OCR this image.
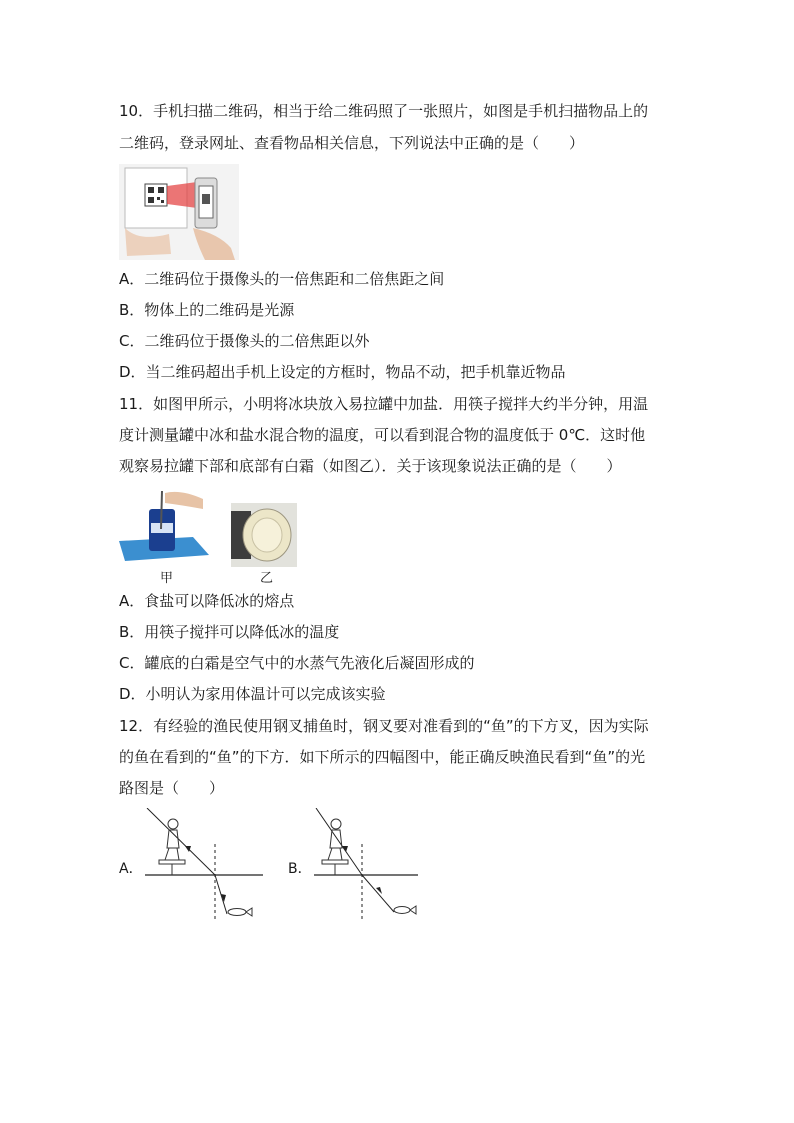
10．手机扫描二维码，相当于给二维码照了一张照片，如图是手机扫描物品上的
二维码，登录网址、查看物品相关信息，下列说法中正确的是（　　）
A．二维码位于摄像头的一倍焦距和二倍焦距之间
B．物体上的二维码是光源
C．二维码位于摄像头的二倍焦距以外
D．当二维码超出手机上设定的方框时，物品不动，把手机靠近物品
11．如图甲所示，小明将冰块放入易拉罐中加盐．用筷子搅拌大约半分钟，用温
度计测量罐中冰和盐水混合物的温度，可以看到混合物的温度低于 0℃．这时他
观察易拉罐下部和底部有白霜（如图乙）．关于该现象说法正确的是（　　）
甲	乙
A．食盐可以降低冰的熔点
B．用筷子搅拌可以降低冰的温度
C．罐底的白霜是空气中的水蒸气先液化后凝固形成的
D．小明认为家用体温计可以完成该实验
12．有经验的渔民使用钢叉捕鱼时，钢叉要对准看到的“鱼”的下方叉，因为实际
的鱼在看到的“鱼”的下方．如下所示的四幅图中，能正确反映渔民看到“鱼”的光
路图是（　　）
A．	B．
